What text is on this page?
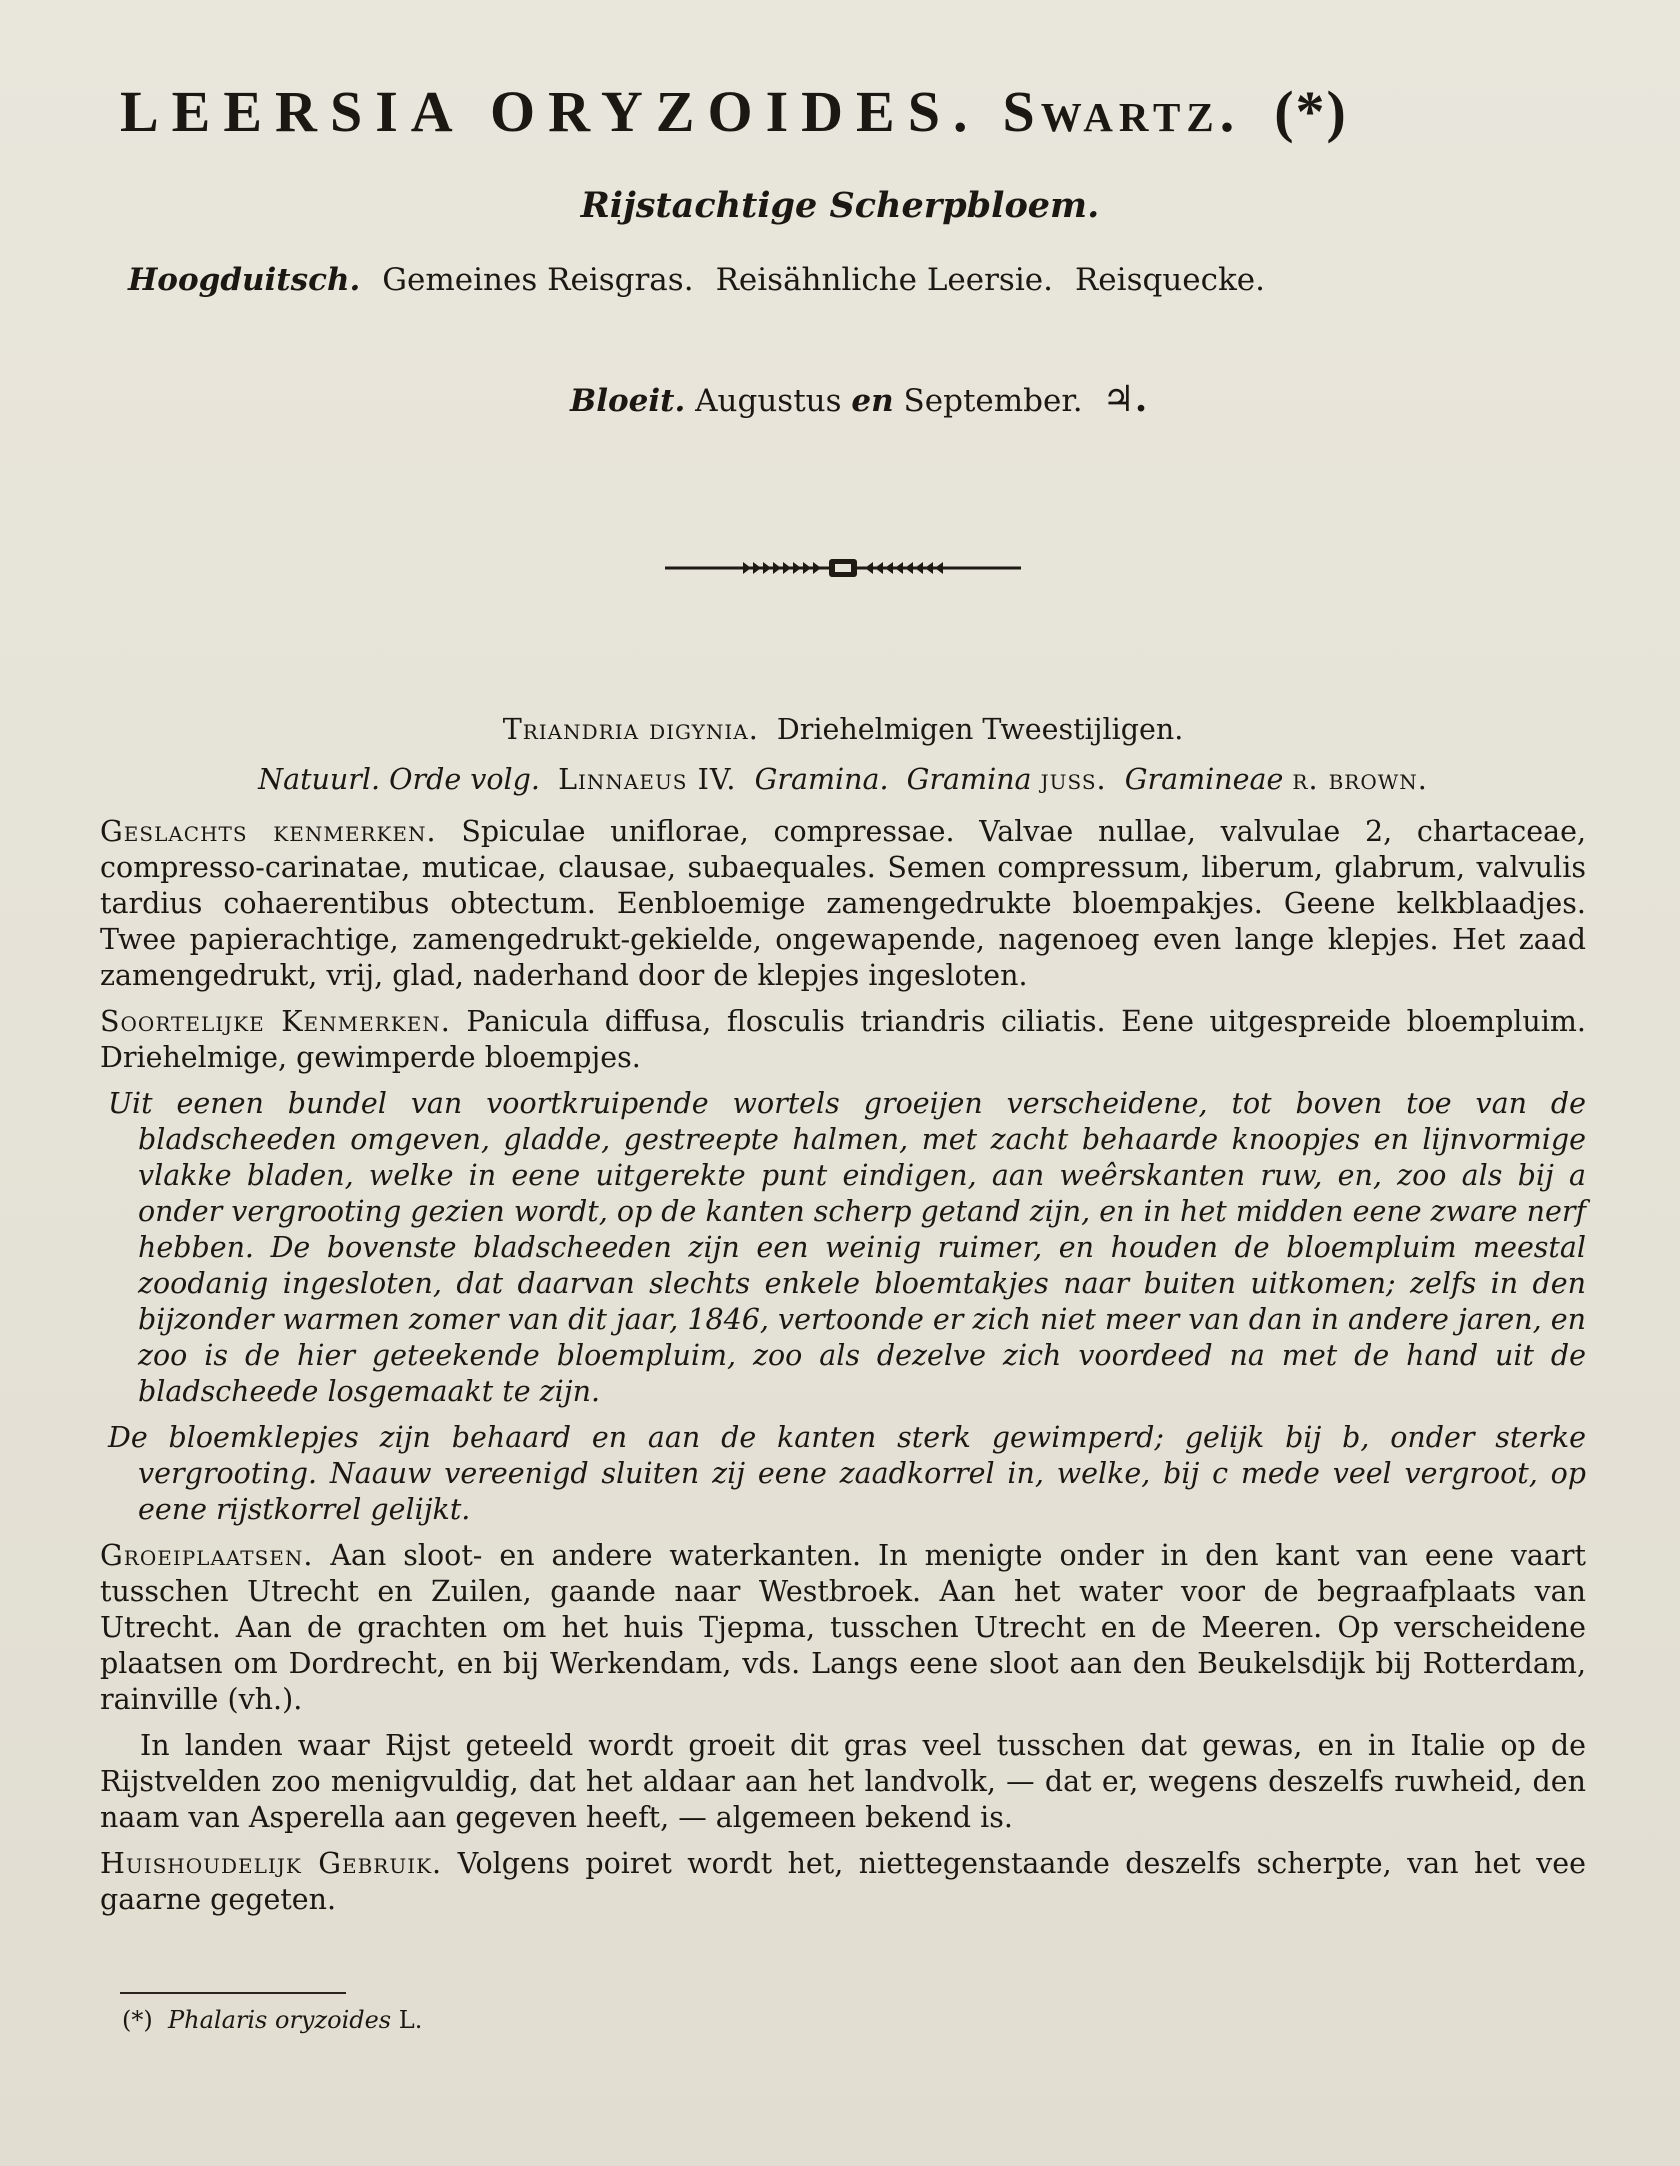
LEERSIA ORYZOIDES. Swartz. (*)
Rijstachtige Scherpbloem.
Hoogduitsch. Gemeines Reisgras. Reisähnliche Leersie. Reisquecke.
Bloeit. Augustus en September. ♃.

Triandria digynia. Driehelmigen Tweestijligen.

Natuurl. Orde volg. Linnaeus IV. Gramina. Gramina juss. Gramineae r. brown.

Geslachts kenmerken. Spiculae uniflorae, compressae. Valvae nullae, valvulae 2, chartaceae, compresso-carinatae, muticae, clausae, subaequales. Semen compressum, liberum, glabrum, valvulis tardius cohaerentibus obtectum. Eenbloemige zamengedrukte bloempakjes. Geene kelkblaadjes. Twee papierachtige, zamengedrukt-gekielde, ongewapende, nagenoeg even lange klepjes. Het zaad zamengedrukt, vrij, glad, naderhand door de klepjes ingesloten.

Soortelijke Kenmerken. Panicula diffusa, flosculis triandris ciliatis. Eene uitgespreide bloempluim. Driehelmige, gewimperde bloempjes.

Uit eenen bundel van voortkruipende wortels groeijen verscheidene, tot boven toe van de bladscheeden omgeven, gladde, gestreepte halmen, met zacht behaarde knoopjes en lijnvormige vlakke bladen, welke in eene uitgerekte punt eindigen, aan weêrskanten ruw, en, zoo als bij a onder vergrooting gezien wordt, op de kanten scherp getand zijn, en in het midden eene zware nerf hebben. De bovenste bladscheeden zijn een weinig ruimer, en houden de bloempluim meestal zoodanig ingesloten, dat daarvan slechts enkele bloemtakjes naar buiten uitkomen; zelfs in den bijzonder warmen zomer van dit jaar, 1846, vertoonde er zich niet meer van dan in andere jaren, en zoo is de hier geteekende bloempluim, zoo als dezelve zich voordeed na met de hand uit de bladscheede losgemaakt te zijn.

De bloemklepjes zijn behaard en aan de kanten sterk gewimperd; gelijk bij b, onder sterke vergrooting. Naauw vereenigd sluiten zij eene zaadkorrel in, welke, bij c mede veel vergroot, op eene rijstkorrel gelijkt.

Groeiplaatsen. Aan sloot- en andere waterkanten. In menigte onder in den kant van eene vaart tusschen Utrecht en Zuilen, gaande naar Westbroek. Aan het water voor de begraafplaats van Utrecht. Aan de grachten om het huis Tjepma, tusschen Utrecht en de Meeren. Op verscheidene plaatsen om Dordrecht, en bij Werkendam, vds. Langs eene sloot aan den Beukelsdijk bij Rotterdam, rainville (vh.).

In landen waar Rijst geteeld wordt groeit dit gras veel tusschen dat gewas, en in Italie op de Rijstvelden zoo menigvuldig, dat het aldaar aan het landvolk, — dat er, wegens deszelfs ruwheid, den naam van Asperella aan gegeven heeft, — algemeen bekend is.

Huishoudelijk Gebruik. Volgens poiret wordt het, niettegenstaande deszelfs scherpte, van het vee gaarne gegeten.

(*) Phalaris oryzoides L.
